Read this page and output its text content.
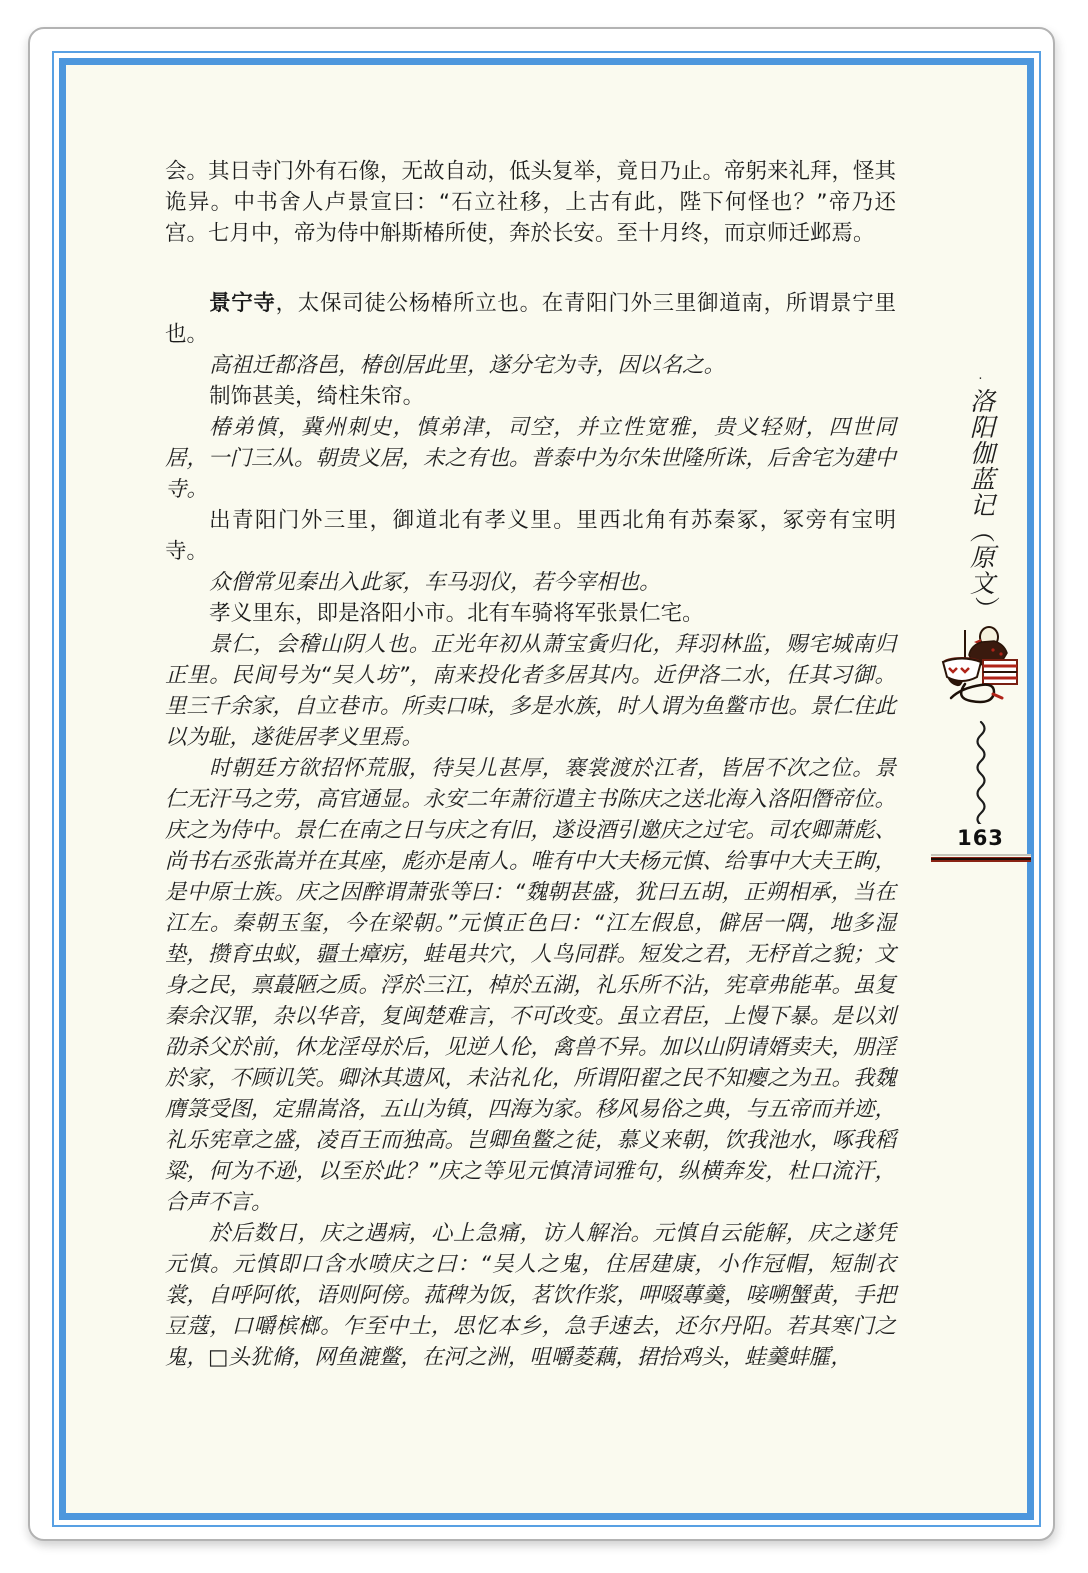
会。其日寺门外有石像，无故自动，低头复举，竟日乃止。帝躬来礼拜，怪其诡异。中书舍人卢景宣曰：“石立社移，上古有此，陛下何怪也？”帝乃还宫。七月中，帝为侍中斛斯椿所使，奔於长安。至十月终，而京师迁邺焉。

景宁寺，太保司徒公杨椿所立也。在青阳门外三里御道南，所谓景宁里也。

高祖迁都洛邑，椿创居此里，遂分宅为寺，因以名之。

制饰甚美，绮柱朱帘。

椿弟慎，冀州刺史，慎弟津，司空，并立性宽雅，贵义轻财，四世同居，一门三从。朝贵义居，未之有也。普泰中为尔朱世隆所诛，后舍宅为建中寺。

出青阳门外三里，御道北有孝义里。里西北角有苏秦冢，冢旁有宝明寺。

众僧常见秦出入此冢，车马羽仪，若今宰相也。

孝义里东，即是洛阳小市。北有车骑将军张景仁宅。

景仁，会稽山阴人也。正光年初从萧宝夤归化，拜羽林监，赐宅城南归正里。民间号为“吴人坊”，南来投化者多居其内。近伊洛二水，任其习御。里三千余家，自立巷市。所卖口味，多是水族，时人谓为鱼鳖市也。景仁住此以为耻，遂徙居孝义里焉。

时朝廷方欲招怀荒服，待吴儿甚厚，褰裳渡於江者，皆居不次之位。景仁无汗马之劳，高官通显。永安二年萧衍遣主书陈庆之送北海入洛阳僭帝位。庆之为侍中。景仁在南之日与庆之有旧，遂设酒引邀庆之过宅。司农卿萧彪、尚书右丞张嵩并在其座，彪亦是南人。唯有中大夫杨元慎、给事中大夫王眴，是中原士族。庆之因醉谓萧张等曰：“魏朝甚盛，犹曰五胡，正朔相承，当在江左。秦朝玉玺，今在梁朝。”元慎正色曰：“江左假息，僻居一隅，地多湿垫，攒育虫蚁，疆土瘴疠，蛙黾共穴，人鸟同群。短发之君，无杼首之貌；文身之民，禀蕞陋之质。浮於三江，棹於五湖，礼乐所不沾，宪章弗能革。虽复秦余汉罪，杂以华音，复闽楚难言，不可改变。虽立君臣，上慢下暴。是以刘劭杀父於前，休龙淫母於后，见逆人伦，禽兽不异。加以山阴请婿卖夫，朋淫於家，不顾讥笑。卿沐其遗风，未沾礼化，所谓阳翟之民不知瘿之为丑。我魏膺箓受图，定鼎嵩洛，五山为镇，四海为家。移风易俗之典，与五帝而并迹，礼乐宪章之盛，凌百王而独高。岂卿鱼鳖之徒，慕义来朝，饮我池水，啄我稻粱，何为不逊，以至於此？”庆之等见元慎清词雅句，纵横奔发，杜口流汗，合声不言。

於后数日，庆之遇病，心上急痛，访人解治。元慎自云能解，庆之遂凭元慎。元慎即口含水喷庆之曰：“吴人之鬼，住居建康，小作冠帽，短制衣裳，自呼阿侬，语则阿傍。菰稗为饭，茗饮作浆，呷啜蓴羹，唼嗍蟹黄，手把豆蔻，口嚼槟榔。乍至中土，思忆本乡，急手速去，还尔丹阳。若其寒门之鬼，□头犹脩，网鱼漉鳖，在河之洲，咀嚼菱藕，捃拾鸡头，蛙羹蚌臛，

·
洛阳伽蓝记（原文）
163
